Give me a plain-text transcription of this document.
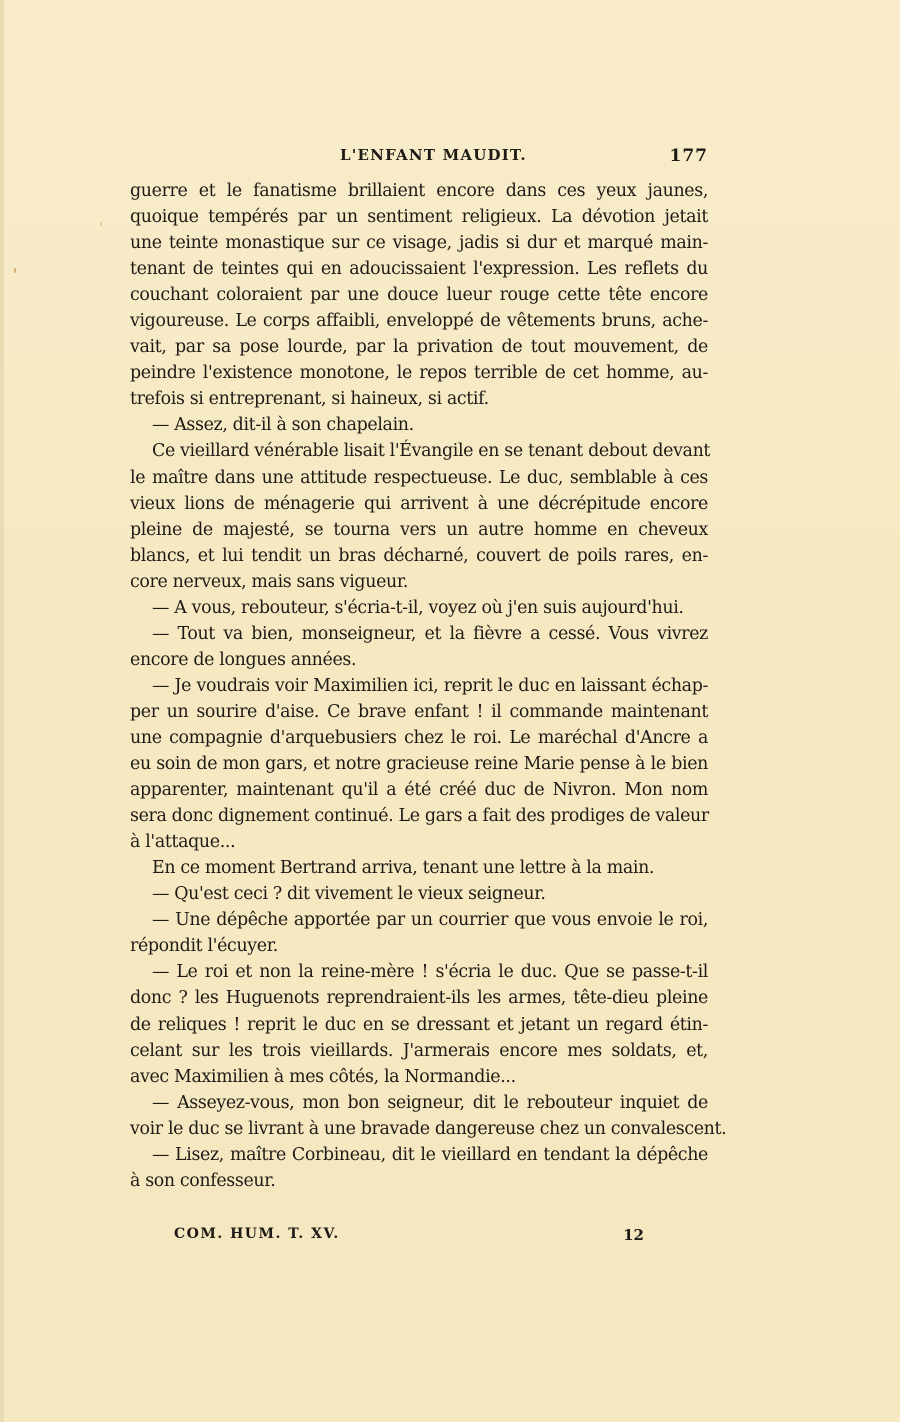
L'ENFANT MAUDIT.	177
guerre et le fanatisme brillaient encore dans ces yeux jaunes,
quoique tempérés par un sentiment religieux. La dévotion jetait
une teinte monastique sur ce visage, jadis si dur et marqué main-
tenant de teintes qui en adoucissaient l'expression. Les reflets du
couchant coloraient par une douce lueur rouge cette tête encore
vigoureuse. Le corps affaibli, enveloppé de vêtements bruns, ache-
vait, par sa pose lourde, par la privation de tout mouvement, de
peindre l'existence monotone, le repos terrible de cet homme, au-
trefois si entreprenant, si haineux, si actif.
— Assez, dit-il à son chapelain.
Ce vieillard vénérable lisait l'Évangile en se tenant debout devant
le maître dans une attitude respectueuse. Le duc, semblable à ces
vieux lions de ménagerie qui arrivent à une décrépitude encore
pleine de majesté, se tourna vers un autre homme en cheveux
blancs, et lui tendit un bras décharné, couvert de poils rares, en-
core nerveux, mais sans vigueur.
— A vous, rebouteur, s'écria-t-il, voyez où j'en suis aujourd'hui.
— Tout va bien, monseigneur, et la fièvre a cessé. Vous vivrez
encore de longues années.
— Je voudrais voir Maximilien ici, reprit le duc en laissant échap-
per un sourire d'aise. Ce brave enfant ! il commande maintenant
une compagnie d'arquebusiers chez le roi. Le maréchal d'Ancre a
eu soin de mon gars, et notre gracieuse reine Marie pense à le bien
apparenter, maintenant qu'il a été créé duc de Nivron. Mon nom
sera donc dignement continué. Le gars a fait des prodiges de valeur
à l'attaque...
En ce moment Bertrand arriva, tenant une lettre à la main.
— Qu'est ceci ? dit vivement le vieux seigneur.
— Une dépêche apportée par un courrier que vous envoie le roi,
répondit l'écuyer.
— Le roi et non la reine-mère ! s'écria le duc. Que se passe-t-il
donc ? les Huguenots reprendraient-ils les armes, tête-dieu pleine
de reliques ! reprit le duc en se dressant et jetant un regard étin-
celant sur les trois vieillards. J'armerais encore mes soldats, et,
avec Maximilien à mes côtés, la Normandie...
— Asseyez-vous, mon bon seigneur, dit le rebouteur inquiet de
voir le duc se livrant à une bravade dangereuse chez un convalescent.
— Lisez, maître Corbineau, dit le vieillard en tendant la dépêche
à son confesseur.
COM. HUM. T. XV.	12
